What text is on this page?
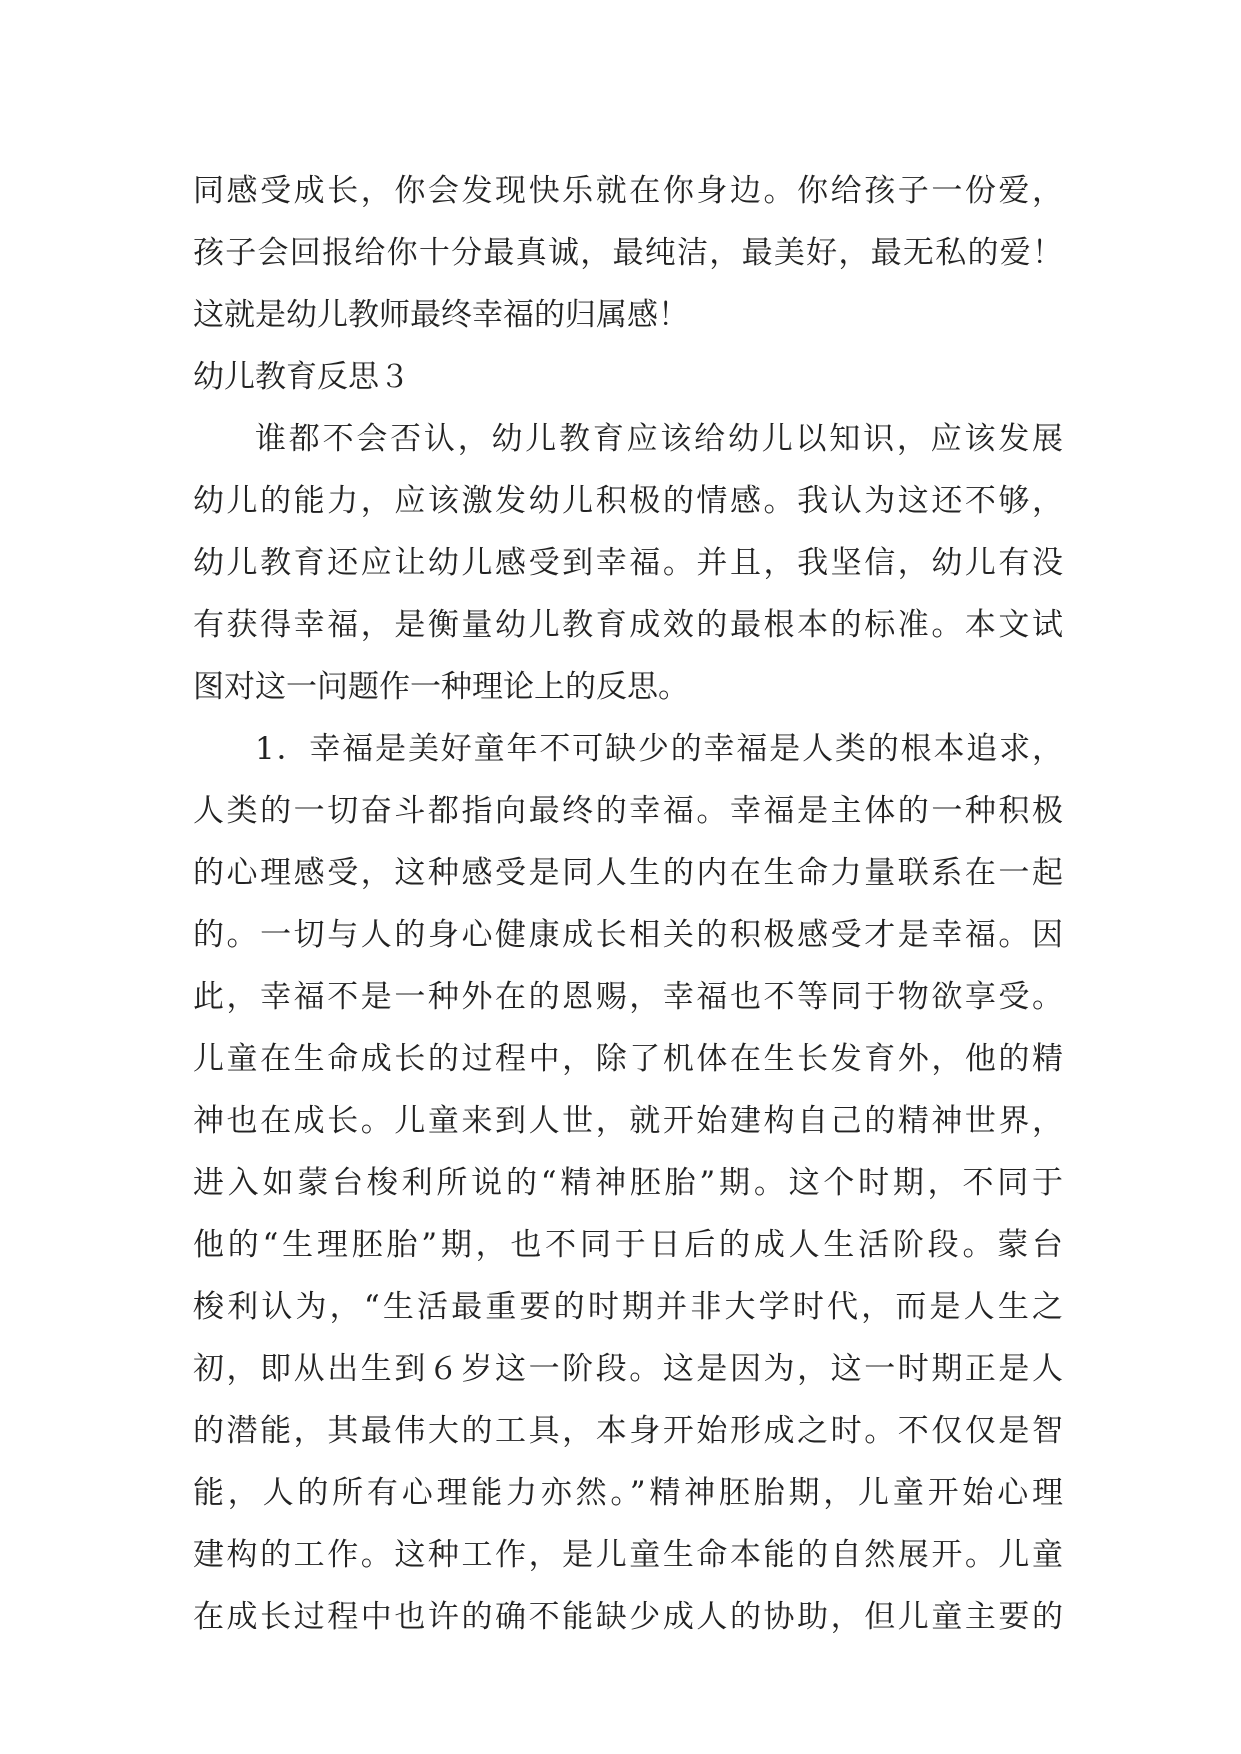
同感受成长，你会发现快乐就在你身边。你给孩子一份爱，
孩子会回报给你十分最真诚，最纯洁，最美好，最无私的爱！
这就是幼儿教师最终幸福的归属感！
幼儿教育反思３
谁都不会否认，幼儿教育应该给幼儿以知识，应该发展
幼儿的能力，应该激发幼儿积极的情感。我认为这还不够，
幼儿教育还应让幼儿感受到幸福。并且，我坚信，幼儿有没
有获得幸福，是衡量幼儿教育成效的最根本的标准。本文试
图对这一问题作一种理论上的反思。
1．幸福是美好童年不可缺少的幸福是人类的根本追求，
人类的一切奋斗都指向最终的幸福。幸福是主体的一种积极
的心理感受，这种感受是同人生的内在生命力量联系在一起
的。一切与人的身心健康成长相关的积极感受才是幸福。因
此，幸福不是一种外在的恩赐，幸福也不等同于物欲享受。
儿童在生命成长的过程中，除了机体在生长发育外，他的精
神也在成长。儿童来到人世，就开始建构自己的精神世界，
进入如蒙台梭利所说的“精神胚胎”期。这个时期，不同于
他的“生理胚胎”期，也不同于日后的成人生活阶段。蒙台
梭利认为，“生活最重要的时期并非大学时代，而是人生之
初，即从出生到６岁这一阶段。这是因为，这一时期正是人
的潜能，其最伟大的工具，本身开始形成之时。不仅仅是智
能，人的所有心理能力亦然。”精神胚胎期，儿童开始心理
建构的工作。这种工作，是儿童生命本能的自然展开。儿童
在成长过程中也许的确不能缺少成人的协助，但儿童主要的
